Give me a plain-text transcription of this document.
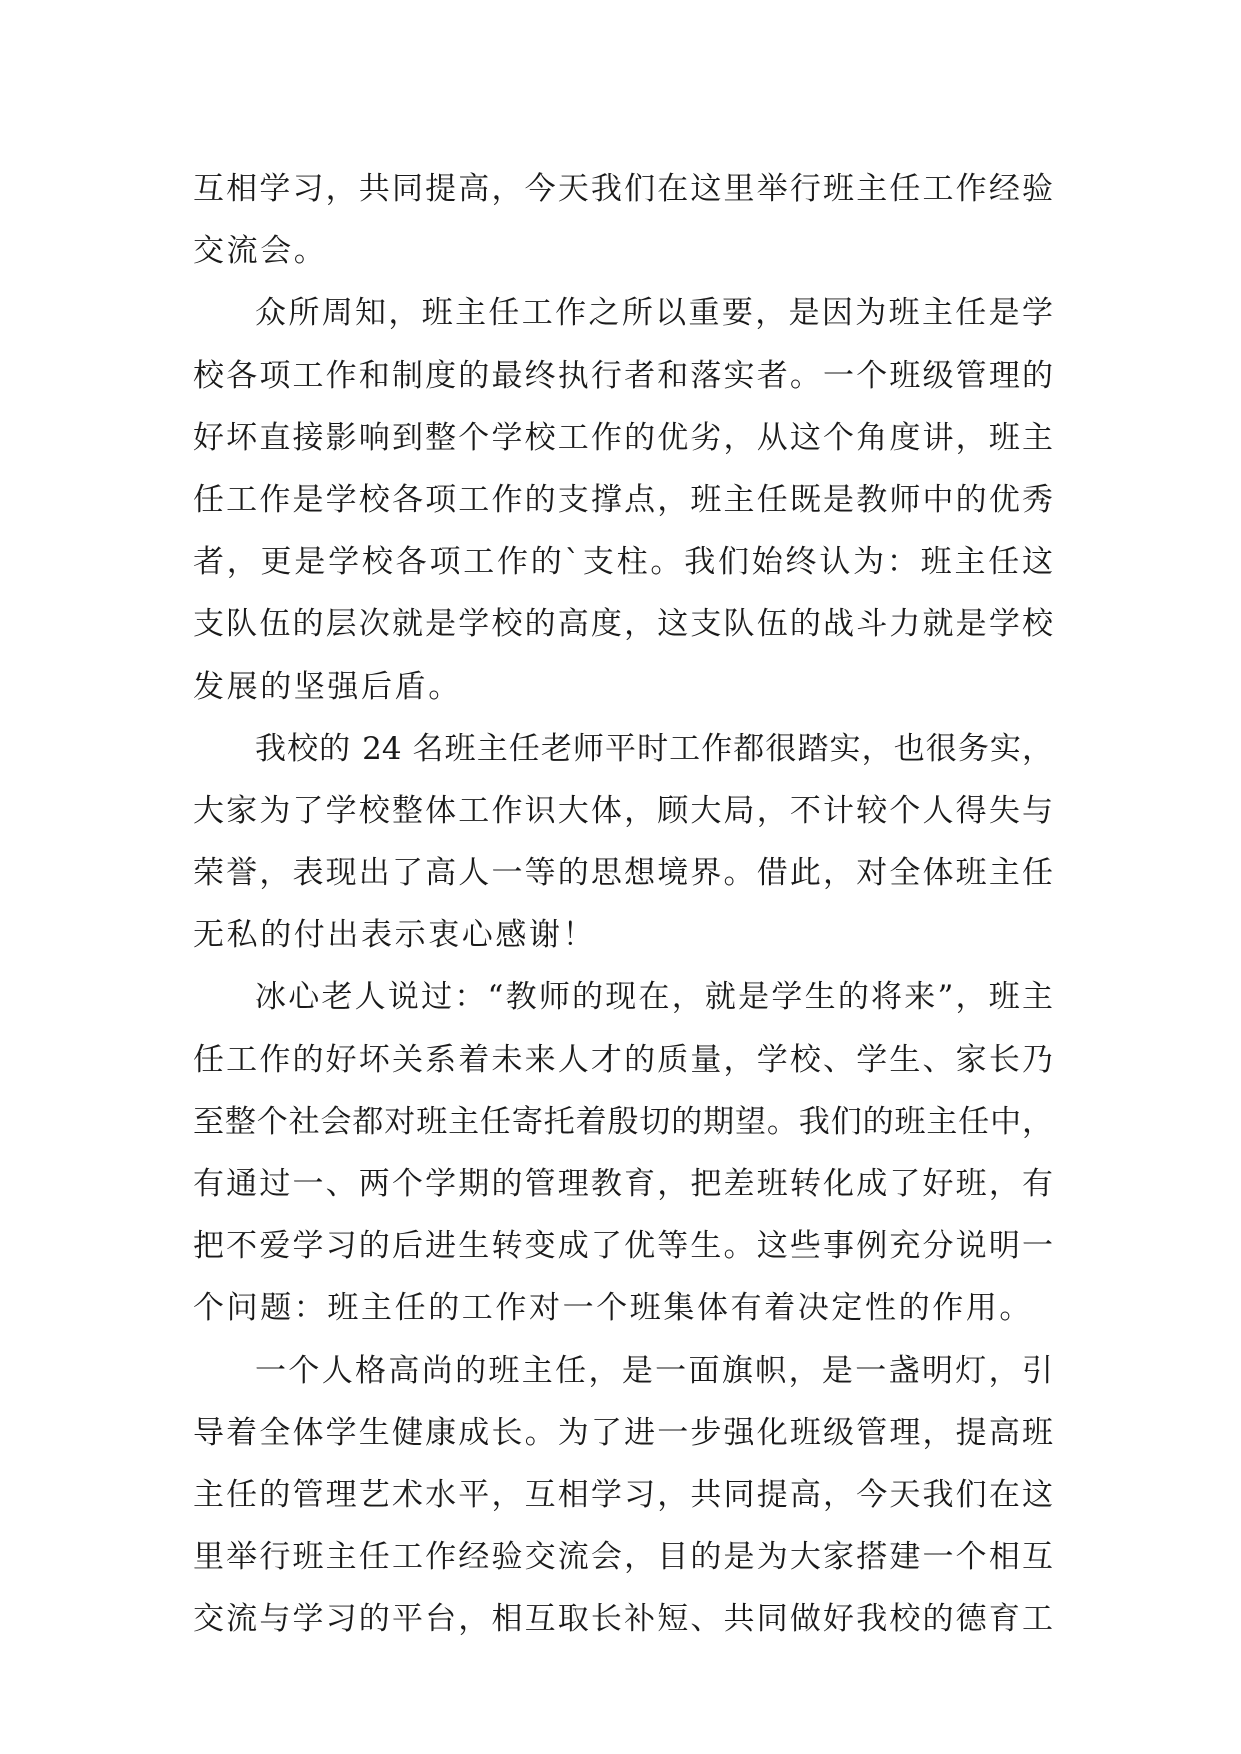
互相学习，共同提高，今天我们在这里举行班主任工作经验
交流会。
众所周知，班主任工作之所以重要，是因为班主任是学
校各项工作和制度的最终执行者和落实者。一个班级管理的
好坏直接影响到整个学校工作的优劣，从这个角度讲，班主
任工作是学校各项工作的支撑点，班主任既是教师中的优秀
者，更是学校各项工作的`支柱。我们始终认为：班主任这
支队伍的层次就是学校的高度，这支队伍的战斗力就是学校
发展的坚强后盾。
我校的 24 名班主任老师平时工作都很踏实，也很务实，
大家为了学校整体工作识大体，顾大局，不计较个人得失与
荣誉，表现出了高人一等的思想境界。借此，对全体班主任
无私的付出表示衷心感谢！
冰心老人说过：“教师的现在，就是学生的将来”，班主
任工作的好坏关系着未来人才的质量，学校、学生、家长乃
至整个社会都对班主任寄托着殷切的期望。我们的班主任中，
有通过一、两个学期的管理教育，把差班转化成了好班，有
把不爱学习的后进生转变成了优等生。这些事例充分说明一
个问题：班主任的工作对一个班集体有着决定性的作用。
一个人格高尚的班主任，是一面旗帜，是一盏明灯，引
导着全体学生健康成长。为了进一步强化班级管理，提高班
主任的管理艺术水平，互相学习，共同提高，今天我们在这
里举行班主任工作经验交流会，目的是为大家搭建一个相互
交流与学习的平台，相互取长补短、共同做好我校的德育工
